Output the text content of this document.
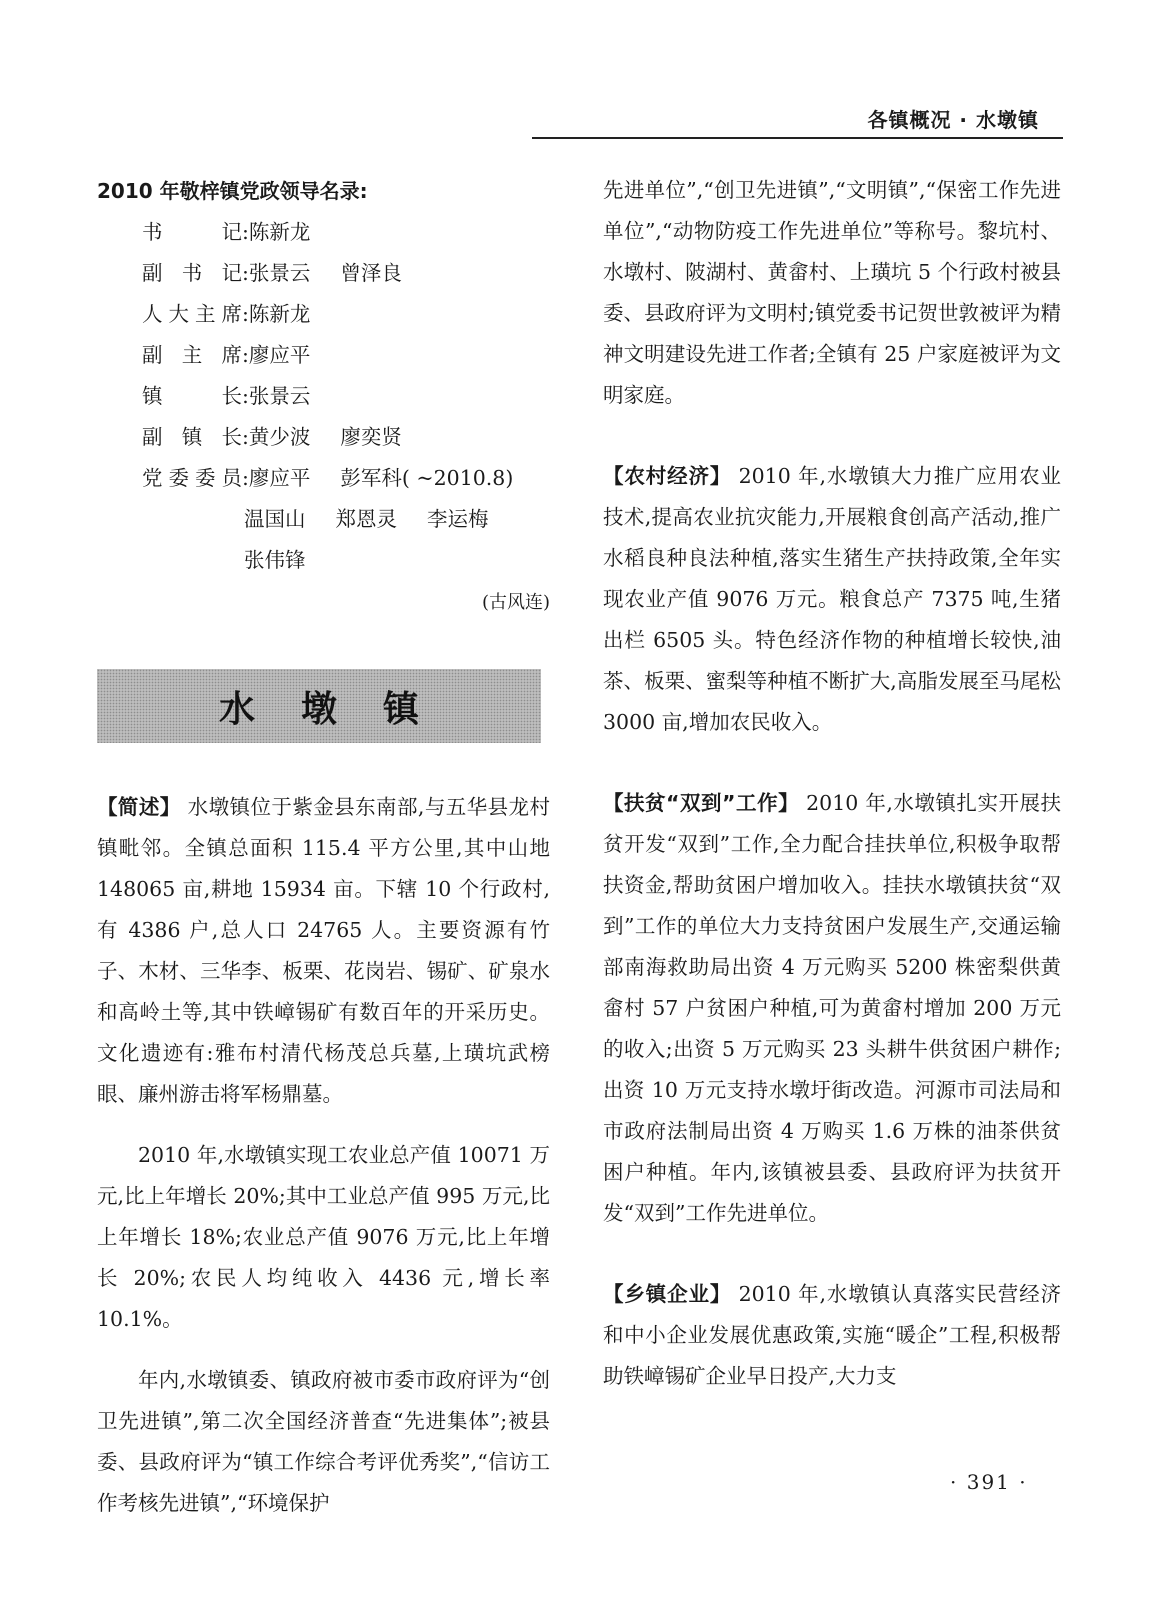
各镇概况 · 水墩镇
2010 年敬梓镇党政领导名录:
书记 : 陈新龙
副书记 : 张景云 曾泽良
人大主席 : 陈新龙
副主席 : 廖应平
镇长 : 张景云
副镇长 : 黄少波 廖奕贤
党委委员 : 廖应平 彭军科( ~2010.8)
温国山 郑恩灵 李运梅
张伟锋
(古风连)
水墩镇

【简述】 水墩镇位于紫金县东南部,与五华县龙村镇毗邻。全镇总面积 115.4 平方公里,其中山地 148065 亩,耕地 15934 亩。下辖 10 个行政村,有 4386 户,总人口 24765 人。主要资源有竹子、木材、三华李、板栗、花岗岩、锡矿、矿泉水和高岭土等,其中铁嶂锡矿有数百年的开采历史。文化遗迹有:雅布村清代杨茂总兵墓,上璜坑武榜眼、廉州游击将军杨鼎墓。

2010 年,水墩镇实现工农业总产值 10071 万元,比上年增长 20%;其中工业总产值 995 万元,比上年增长 18%;农业总产值 9076 万元,比上年增长 20%;农民人均纯收入 4436 元,增长率 10.1%。

年内,水墩镇委、镇政府被市委市政府评为“创卫先进镇”,第二次全国经济普查“先进集体”;被县委、县政府评为“镇工作综合考评优秀奖”,“信访工作考核先进镇”,“环境保护

先进单位”,“创卫先进镇”,“文明镇”,“保密工作先进单位”,“动物防疫工作先进单位”等称号。黎坑村、水墩村、陂湖村、黄畲村、上璜坑 5 个行政村被县委、县政府评为文明村;镇党委书记贺世敦被评为精神文明建设先进工作者;全镇有 25 户家庭被评为文明家庭。

【农村经济】 2010 年,水墩镇大力推广应用农业技术,提高农业抗灾能力,开展粮食创高产活动,推广水稻良种良法种植,落实生猪生产扶持政策,全年实现农业产值 9076 万元。粮食总产 7375 吨,生猪出栏 6505 头。特色经济作物的种植增长较快,油茶、板栗、蜜梨等种植不断扩大,高脂发展至马尾松 3000 亩,增加农民收入。

【扶贫“双到”工作】 2010 年,水墩镇扎实开展扶贫开发“双到”工作,全力配合挂扶单位,积极争取帮扶资金,帮助贫困户增加收入。挂扶水墩镇扶贫“双到”工作的单位大力支持贫困户发展生产,交通运输部南海救助局出资 4 万元购买 5200 株密梨供黄畲村 57 户贫困户种植,可为黄畲村增加 200 万元的收入;出资 5 万元购买 23 头耕牛供贫困户耕作;出资 10 万元支持水墩圩街改造。河源市司法局和市政府法制局出资 4 万购买 1.6 万株的油茶供贫困户种植。年内,该镇被县委、县政府评为扶贫开发“双到”工作先进单位。

【乡镇企业】 2010 年,水墩镇认真落实民营经济和中小企业发展优惠政策,实施“暖企”工程,积极帮助铁嶂锡矿企业早日投产,大力支

· 391 ·
